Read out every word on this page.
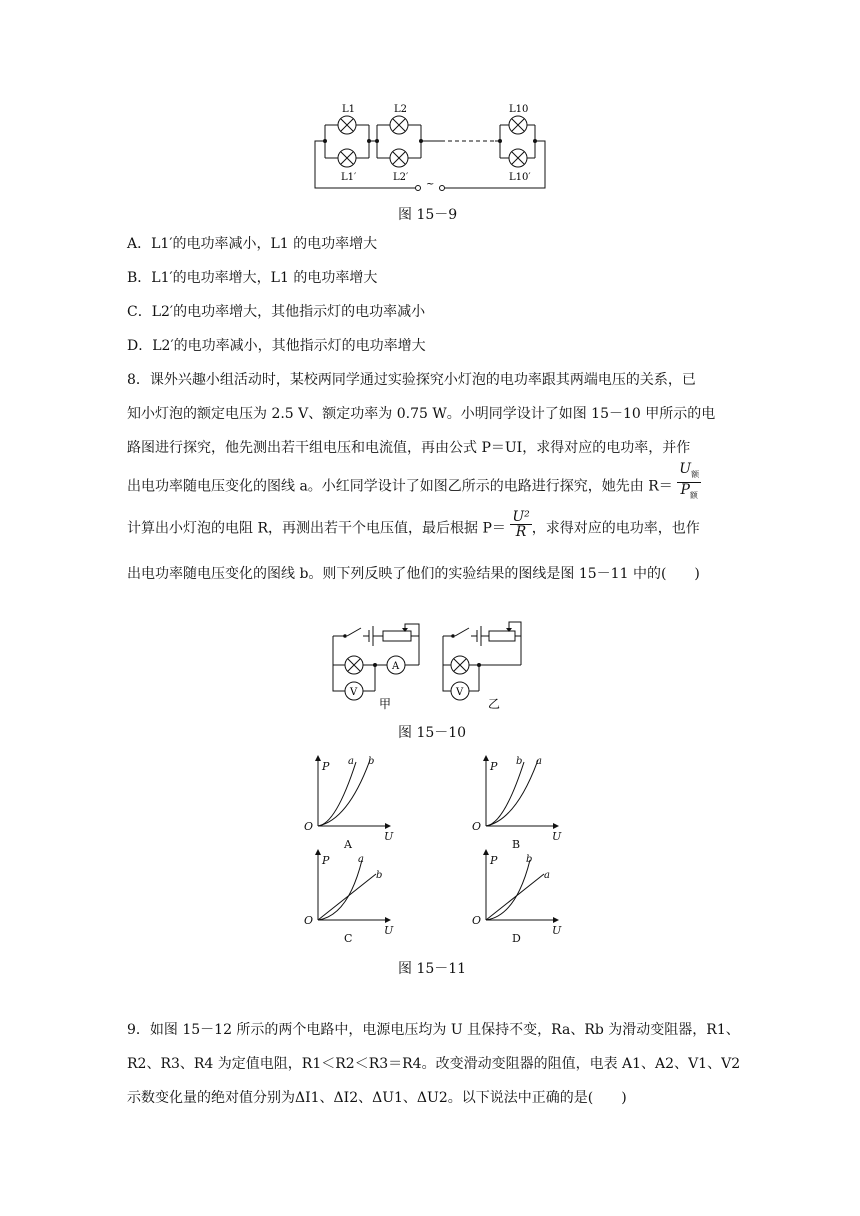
L1	L2	L10
L1′	L2′	L10′
~
图 15－9
A．L1′的电功率减小，L1 的电功率增大
B．L1′的电功率增大，L1 的电功率增大
C．L2′的电功率增大，其他指示灯的电功率减小
D．L2′的电功率减小，其他指示灯的电功率增大
8．课外兴趣小组活动时，某校两同学通过实验探究小灯泡的电功率跟其两端电压的关系，已
知小灯泡的额定电压为 2.5 V、额定功率为 0.75 W。小明同学设计了如图 15－10 甲所示的电
路图进行探究，他先测出若干组电压和电流值，再由公式 P＝UI，求得对应的电功率，并作
出电功率随电压变化的图线 a。小红同学设计了如图乙所示的电路进行探究，她先由 $R= \frac{U_额}{P_额}$
计算出小灯泡的电阻 R，再测出若干个电压值，最后根据 $P= \frac{\text{U²}}{R}$ ，求得对应的电功率，也作
出电功率随电压变化的图线 b。则下列反映了他们的实验结果的图线是图 15－11 中的(　　)
A
V	V
甲	乙
图 15－10
P
U
O
a b
A
P
U
O
b a
B
P
U
O
a
b
C
P
U
O
b
a
D
图 15－11
9．如图 15－12 所示的两个电路中，电源电压均为 U 且保持不变，Ra、Rb 为滑动变阻器，R1、
R2、R3、R4 为定值电阻，R1＜R2＜R3＝R4。改变滑动变阻器的阻值，电表 A1、A2、V1、V2
示数变化量的绝对值分别为ΔI1、ΔI2、ΔU1、ΔU2。以下说法中正确的是(　　)
